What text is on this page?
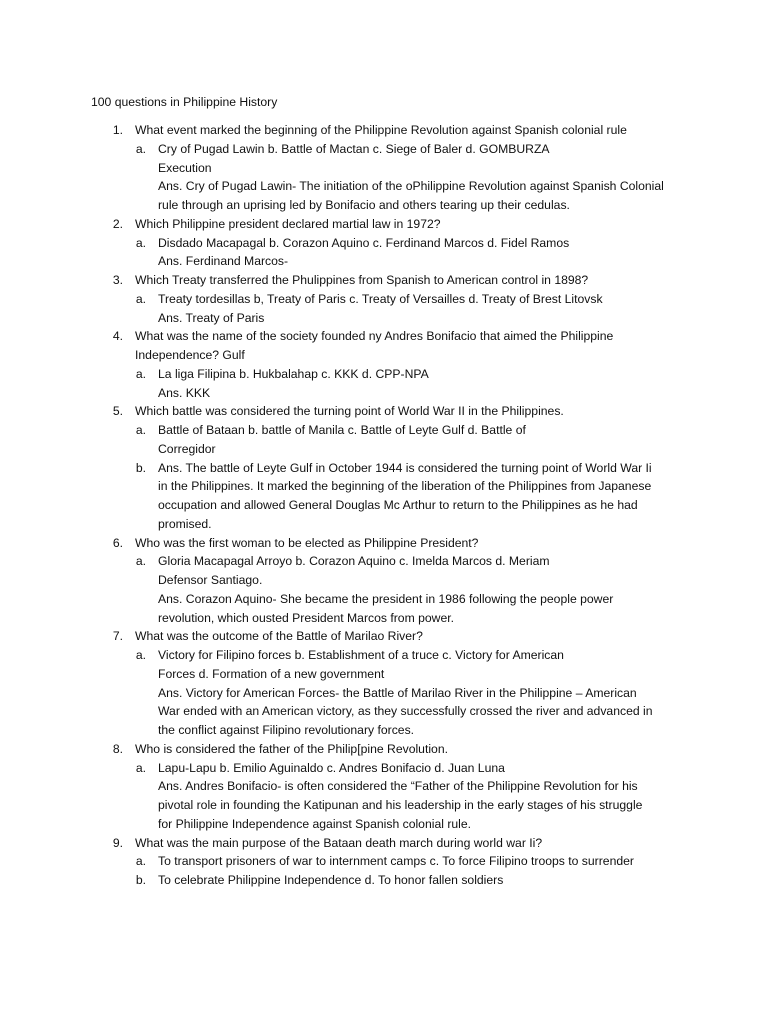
100 questions in Philippine History
1. What event marked the beginning of the Philippine Revolution against Spanish colonial rule
a. Cry of Pugad Lawin b. Battle of Mactan c. Siege of Baler d. GOMBURZA
Execution
Ans. Cry of Pugad Lawin- The initiation of the oPhilippine Revolution against Spanish Colonial
rule through an uprising led by Bonifacio and others tearing up their cedulas.
2. Which Philippine president declared martial law in 1972?
a. Disdado Macapagal b. Corazon Aquino c. Ferdinand Marcos d. Fidel Ramos
Ans. Ferdinand Marcos-
3. Which Treaty transferred the Phulippines from Spanish to American control in 1898?
a. Treaty tordesillas b, Treaty of Paris c. Treaty of Versailles d. Treaty of Brest Litovsk
Ans. Treaty of Paris
4. What was the name of the society founded ny Andres Bonifacio that aimed the Philippine
Independence? Gulf
a. La liga Filipina b. Hukbalahap c. KKK d. CPP-NPA
Ans. KKK
5. Which battle was considered the turning point of World War II in the Philippines.
a. Battle of Bataan b. battle of Manila c. Battle of Leyte Gulf d. Battle of
Corregidor
b. Ans. The battle of Leyte Gulf in October 1944 is considered the turning point of World War Ii
in the Philippines. It marked the beginning of the liberation of the Philippines from Japanese
occupation and allowed General Douglas Mc Arthur to return to the Philippines as he had
promised.
6. Who was the first woman to be elected as Philippine President?
a. Gloria Macapagal Arroyo b. Corazon Aquino c. Imelda Marcos d. Meriam
Defensor Santiago.
Ans. Corazon Aquino- She became the president in 1986 following the people power
revolution, which ousted President Marcos from power.
7. What was the outcome of the Battle of Marilao River?
a. Victory for Filipino forces b. Establishment of a truce c. Victory for American
Forces d. Formation of a new government
Ans. Victory for American Forces- the Battle of Marilao River in the Philippine – American
War ended with an American victory, as they successfully crossed the river and advanced in
the conflict against Filipino revolutionary forces.
8. Who is considered the father of the Philip[pine Revolution.
a. Lapu-Lapu b. Emilio Aguinaldo c. Andres Bonifacio d. Juan Luna
Ans. Andres Bonifacio- is often considered the “Father of the Philippine Revolution for his
pivotal role in founding the Katipunan and his leadership in the early stages of his struggle
for Philippine Independence against Spanish colonial rule.
9. What was the main purpose of the Bataan death march during world war Ii?
a. To transport prisoners of war to internment camps c. To force Filipino troops to surrender
b. To celebrate Philippine Independence d. To honor fallen soldiers
